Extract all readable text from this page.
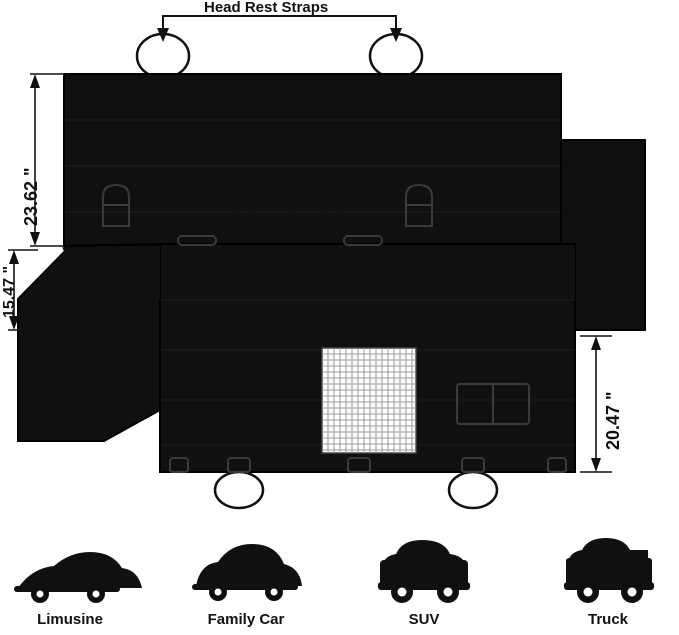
Head Rest Straps
Seat Anchor	Seat Anchor
Seat Belt Openings
Mesh Window
Pockets Storage
23.62 "
15.47 "	20 "
60.24 "
20.47 "
Limusine	Family Car	SUV	Truck
